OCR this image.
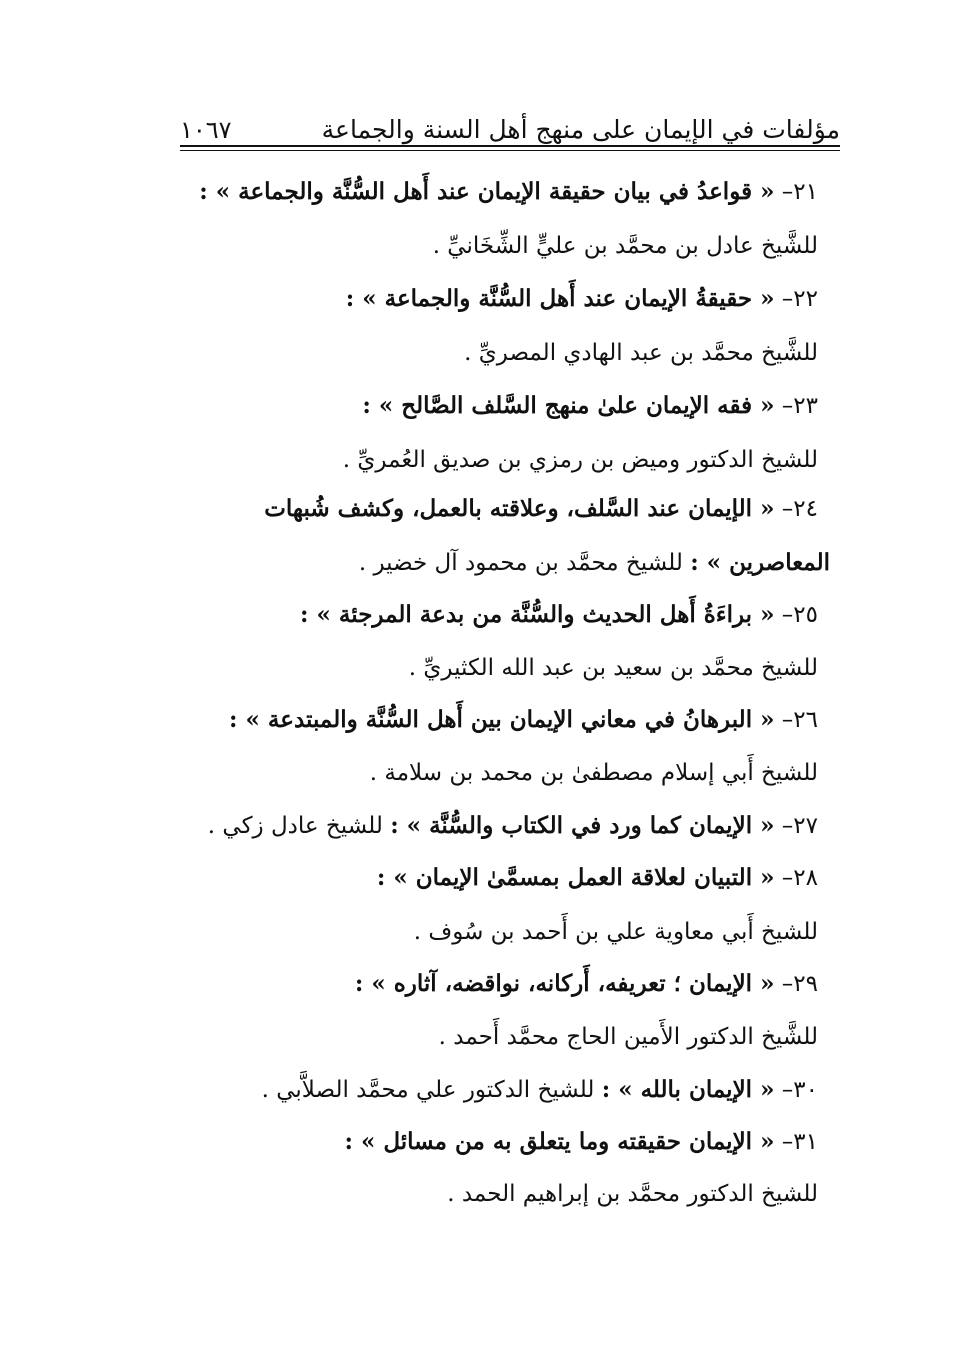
مؤلفات في الإيمان على منهج أهل السنة والجماعة
١٠٦٧
٢١– « قواعدُ في بيان حقيقة الإيمان عند أَهل السُّنَّة والجماعة » :
للشَّيخ عادل بن محمَّد بن عليٍّ الشِّخَانيِّ .
٢٢– « حقيقةُ الإيمان عند أَهل السُّنَّة والجماعة » :
للشَّيخ محمَّد بن عبد الهادي المصريِّ .
٢٣– « فقه الإيمان علىٰ منهج السَّلف الصَّالح » :
للشيخ الدكتور وميض بن رمزي بن صديق العُمريِّ .
٢٤– « الإيمان عند السَّلف، وعلاقته بالعمل، وكشف شُبهات
المعاصرين » : للشيخ محمَّد بن محمود آل خضير .
٢٥– « براءَةُ أَهل الحديث والسُّنَّة من بدعة المرجئة » :
للشيخ محمَّد بن سعيد بن عبد الله الكثيريِّ .
٢٦– « البرهانُ في معاني الإيمان بين أَهل السُّنَّة والمبتدعة » :
للشيخ أَبي إسلام مصطفىٰ بن محمد بن سلامة .
٢٧– « الإيمان كما ورد في الكتاب والسُّنَّة » : للشيخ عادل زكي .
٢٨– « التبيان لعلاقة العمل بمسمَّىٰ الإيمان » :
للشيخ أَبي معاوية علي بن أَحمد بن سُوف .
٢٩– « الإيمان ؛ تعريفه، أَركانه، نواقضه، آثاره » :
للشَّيخ الدكتور الأَمين الحاج محمَّد أَحمد .
٣٠– « الإيمان بالله » : للشيخ الدكتور علي محمَّد الصلاَّبي .
٣١– « الإيمان حقيقته وما يتعلق به من مسائل » :
للشيخ الدكتور محمَّد بن إبراهيم الحمد .
